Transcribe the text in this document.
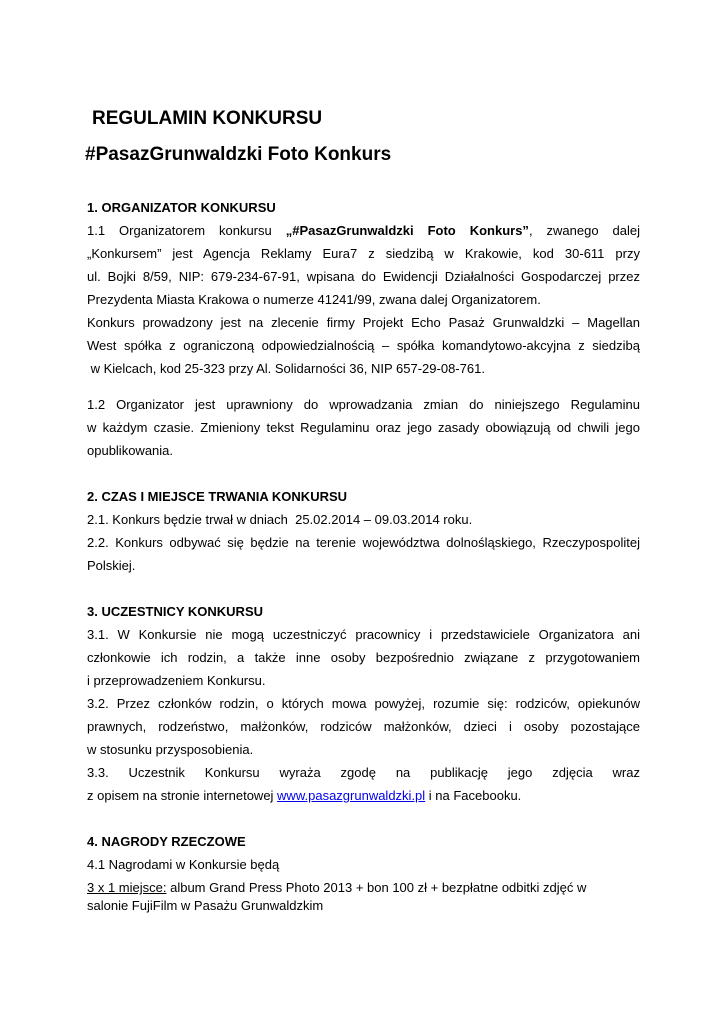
REGULAMIN KONKURSU

#PasazGrunwaldzki Foto Konkurs

1. ORGANIZATOR KONKURSU

1.1 Organizatorem konkursu „#PasazGrunwaldzki Foto Konkurs”, zwanego dalej

„Konkursem” jest Agencja Reklamy Eura7 z siedzibą w Krakowie, kod 30-611 przy

ul. Bojki 8/59, NIP: 679-234-67-91, wpisana do Ewidencji Działalności Gospodarczej przez

Prezydenta Miasta Krakowa o numerze 41241/99, zwana dalej Organizatorem.

Konkurs prowadzony jest na zlecenie firmy Projekt Echo Pasaż Grunwaldzki – Magellan

West spółka z ograniczoną odpowiedzialnością – spółka komandytowo-akcyjna z siedzibą

w Kielcach, kod 25-323 przy Al. Solidarności 36, NIP 657-29-08-761.

1.2 Organizator jest uprawniony do wprowadzania zmian do niniejszego Regulaminu

w każdym czasie. Zmieniony tekst Regulaminu oraz jego zasady obowiązują od chwili jego

opublikowania.

2. CZAS I MIEJSCE TRWANIA KONKURSU

2.1. Konkurs będzie trwał w dniach  25.02.2014 – 09.03.2014 roku.

2.2. Konkurs odbywać się będzie na terenie województwa dolnośląskiego, Rzeczypospolitej

Polskiej.

3. UCZESTNICY KONKURSU

3.1. W Konkursie nie mogą uczestniczyć pracownicy i przedstawiciele Organizatora ani

członkowie ich rodzin, a także inne osoby bezpośrednio związane z przygotowaniem

i przeprowadzeniem Konkursu.

3.2. Przez członków rodzin, o których mowa powyżej, rozumie się: rodziców, opiekunów

prawnych, rodzeństwo, małżonków, rodziców małżonków, dzieci i osoby pozostające

w stosunku przysposobienia.

3.3. Uczestnik Konkursu wyraża zgodę na publikację jego zdjęcia wraz

z opisem na stronie internetowej www.pasazgrunwaldzki.pl i na Facebooku.

4. NAGRODY RZECZOWE

4.1 Nagrodami w Konkursie będą

3 x 1 miejsce: album Grand Press Photo 2013 + bon 100 zł + bezpłatne odbitki zdjęć w

salonie FujiFilm w Pasażu Grunwaldzkim
